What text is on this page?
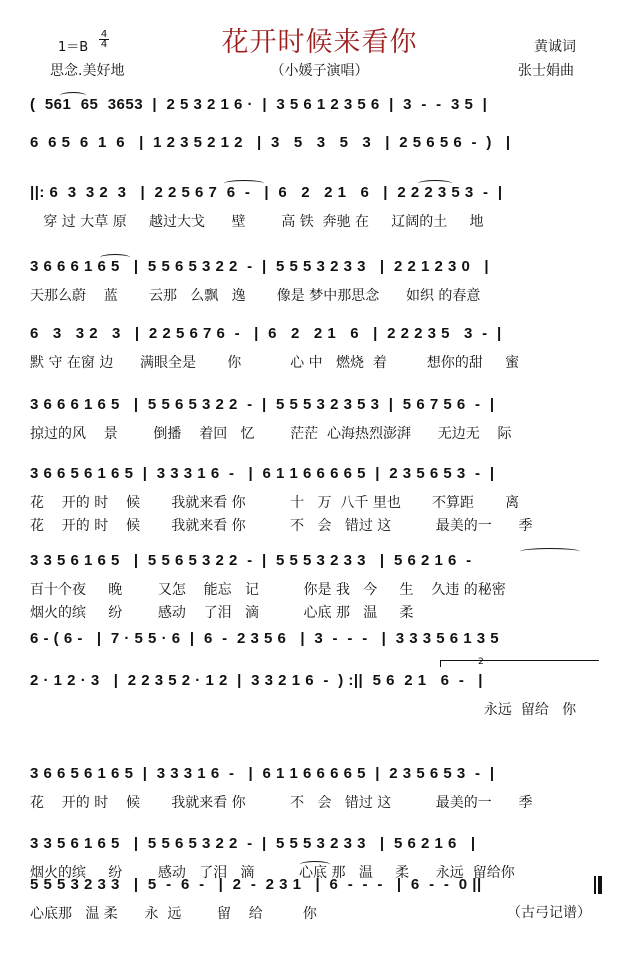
花开时候来看你
$1=B \frac{4}{4}$
思念.美好地	（小媛子演唱）
黄诚词
张士娟曲
(  561  65  3653  |  2 5 3 2 1 6 ·  |  3 5 6 1 2 3 5 6  |  3  -  -  3 5  |
6  6 5  6  1  6   |  1 2 3 5 2 1 2   |  3   5   3   5   3   |  2 5 6 5 6  -  )   |
||: 6  3  3 2  3   |  2 2 5 6 7  6  -   |  6   2   2 1   6   |  2 2 2 3 5 3  -  |
穿 过 大草 原     越过大戈      壁        高 铁  奔驰 在     辽阔的土     地
3 6 6 6 1 6 5   |  5 5 6 5 3 2 2  -  |  5 5 5 3 2 3 3   |  2 2 1 2 3 0   |
天那么蔚    蓝       云那   么飘   逸       像是 梦中那思念      如织 的春意
6   3   3 2   3   |  2 2 5 6 7 6  -   |  6   2   2 1   6   |  2 2 2 3 5   3  -  |
默 守 在窗 边      满眼全是       你           心 中   燃烧  着         想你的甜     蜜
3 6 6 6 1 6 5   |  5 5 6 5 3 2 2  -  |  5 5 5 3 2 3 5 3  |  5 6 7 5 6  -  |
掠过的风    景        倒播    着回   忆        茫茫  心海热烈澎湃      无边无    际
3 6 6 5 6 1 6 5  |  3 3 3 1 6  -   |  6 1 1 6 6 6 6 5  |  2 3 5 6 5 3  -  |
花    开的 时    候       我就来看 你          十   万  八千 里也       不算距       离
花    开的 时    候       我就来看 你          不   会   错过 这          最美的一      季
3 3 5 6 1 6 5   |  5 5 6 5 3 2 2  -  |  5 5 5 3 2 3 3   |  5 6 2 1 6  -
百十个夜     晚        又怎    能忘   记          你是 我   今     生    久违 的秘密
烟火的缤     纷        感动    了泪   滴          心底 那   温     柔
6 - ( 6 -   |  7 · 5 5 · 6  |  6  -  2 3 5 6   |  3  -  -  -   |  3 3 3 5 6 1 3 5
2 · 1 2 · 3   |  2 2 3 5 2 · 1 2  |  3 3 2 1 6  -  ) :||  5 6  2 1   6  -   |
永远  留给   你
3 6 6 5 6 1 6 5  |  3 3 3 1 6  -   |  6 1 1 6 6 6 6 5  |  2 3 5 6 5 3  -  |
花    开的 时    候       我就来看 你          不   会   错过 这          最美的一      季
3 3 5 6 1 6 5   |  5 5 6 5 3 2 2  -  |  5 5 5 3 2 3 3   |  5 6 2 1 6   |
烟火的缤     纷        感动   了泪   滴          心底 那   温     柔      永远  留给你
5 5 5 3 2 3 3   |  5  -  6  -   |  2  -  2 3 1   |  6  -  -  -   |  6  -  -  0 ||
心底那   温 柔      永  远        留    给         你
2
（古弓记谱）
